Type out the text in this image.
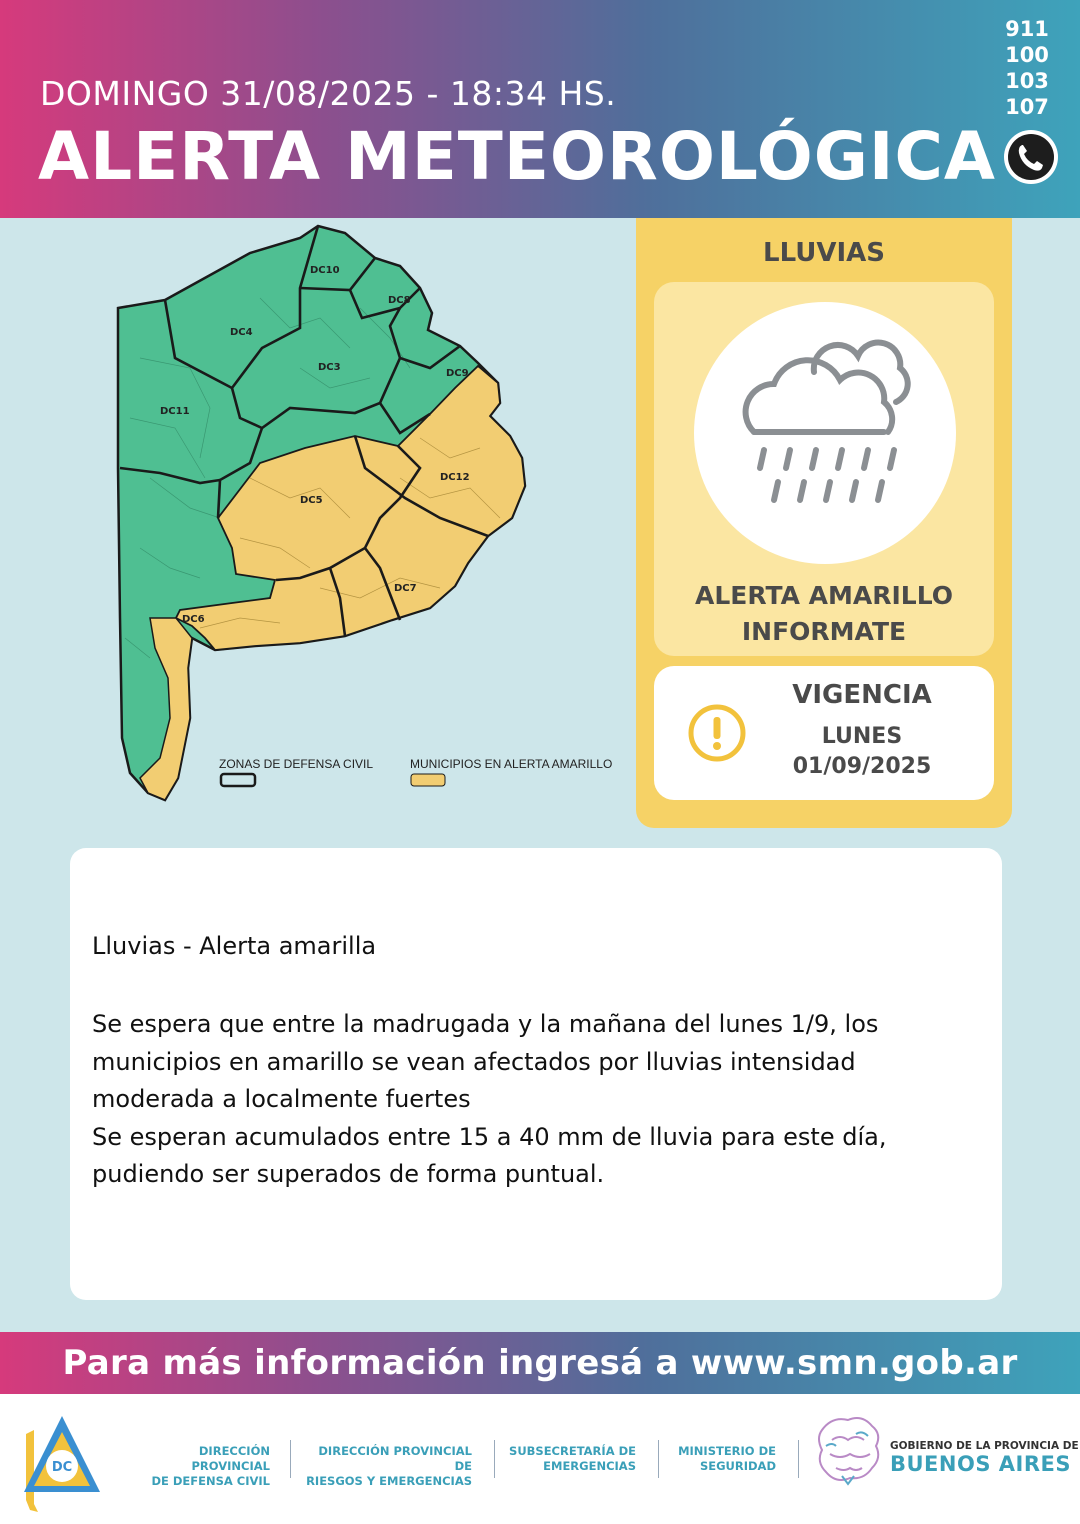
DOMINGO 31/08/2025 - 18:34 HS.
ALERTA METEOROLÓGICA
911
100
103
107
DC10
DC8
DC4
DC3
DC9
DC11
DC12
DC5
DC7
DC6
ZONAS DE DEFENSA CIVIL	MUNICIPIOS EN ALERTA AMARILLO
LLUVIAS
ALERTA AMARILLO
INFORMATE
VIGENCIA
LUNES
01/09/2025
Lluvias - Alerta amarilla

Se espera que entre la madrugada y la mañana del lunes 1/9, los municipios en amarillo se vean afectados por lluvias intensidad moderada a localmente fuertes

Se esperan acumulados entre 15 a 40 mm de lluvia para este día, pudiendo ser superados de forma puntual.

Para más información ingresá a www.smn.gob.ar
DC
DIRECCIÓN PROVINCIAL
DE DEFENSA CIVIL
DIRECCIÓN PROVINCIAL DE
RIESGOS Y EMERGENCIAS
SUBSECRETARÍA DE
EMERGENCIAS
MINISTERIO DE
SEGURIDAD
GOBIERNO DE LA PROVINCIA DE
BUENOS AIRES
